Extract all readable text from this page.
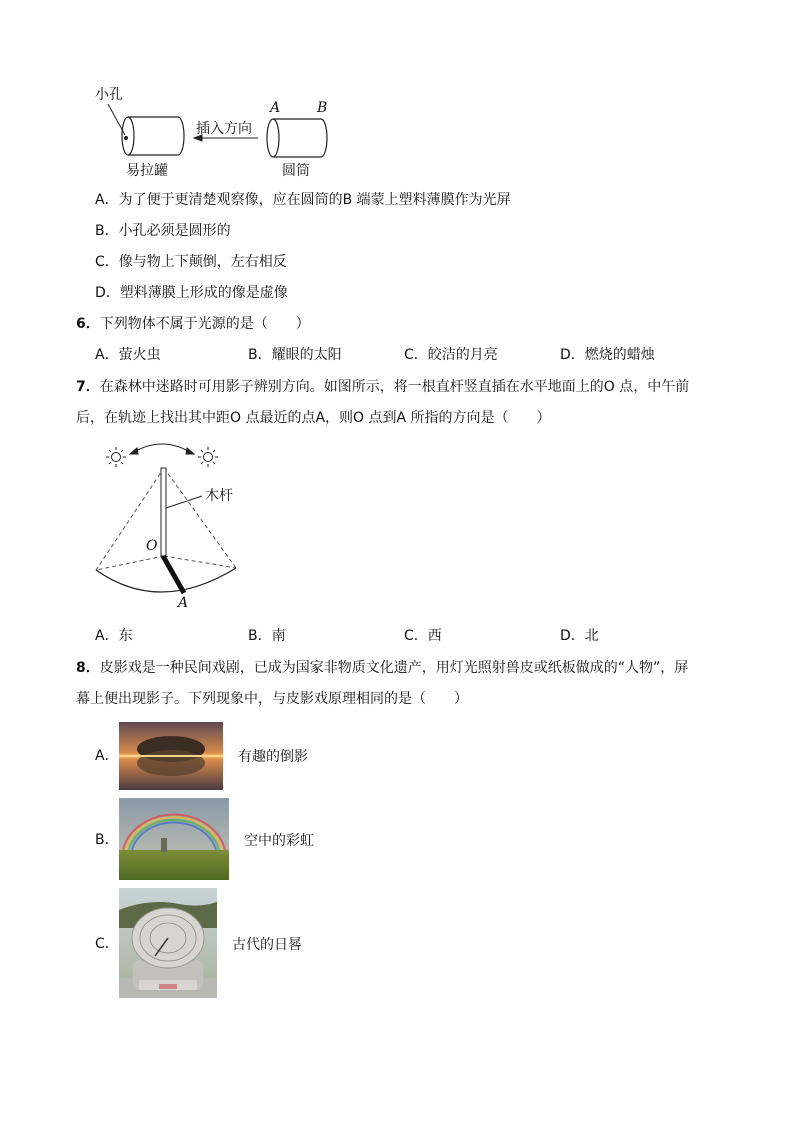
小孔
易拉罐
插入方向
圆筒
A	B
A．为了便于更清楚观察像，应在圆筒的B 端蒙上塑料薄膜作为光屏
B．小孔必须是圆形的
C．像与物上下颠倒，左右相反
D．塑料薄膜上形成的像是虚像
6．下列物体不属于光源的是（　　）
A．萤火虫	B．耀眼的太阳	C．皎洁的月亮	D．燃烧的蜡烛
7．在森林中迷路时可用影子辨别方向。如图所示，将一根直杆竖直插在水平地面上的O 点，中午前
后，在轨迹上找出其中距O 点最近的点A，则O 点到A 所指的方向是（　　）
木杆
O
A
A．东	B．南	C．西	D．北
8．皮影戏是一种民间戏剧，已成为国家非物质文化遗产，用灯光照射兽皮或纸板做成的“人物”，屏
幕上便出现影子。下列现象中，与皮影戏原理相同的是（　　）
A．	有趣的倒影
B．	空中的彩虹
C．	古代的日晷
